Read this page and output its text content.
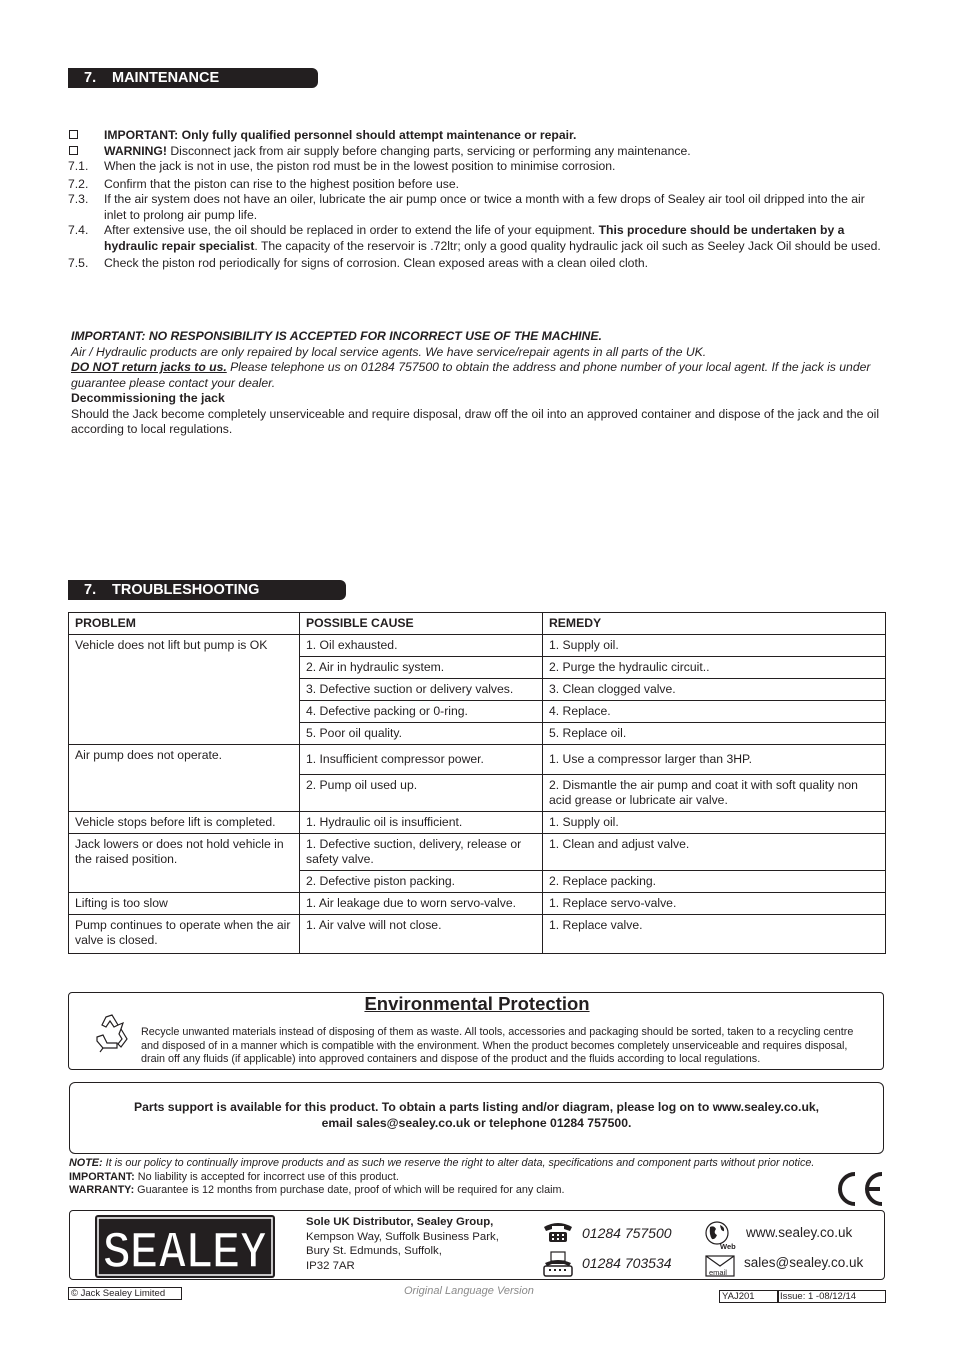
7. MAINTENANCE
IMPORTANT: Only fully qualified personnel should attempt maintenance or repair.
WARNING! Disconnect jack from air supply before changing parts, servicing or performing any maintenance.
7.1.	When the jack is not in use, the piston rod must be in the lowest position to minimise corrosion.
7.2.	Confirm that the piston can rise to the highest position before use.
7.3.	If the air system does not have an oiler, lubricate the air pump once or twice a month with a few drops of Sealey air tool oil dripped into the air inlet to prolong air pump life.
7.4.	After extensive use, the oil should be replaced in order to extend the life of your equipment. This procedure should be undertaken by a hydraulic repair specialist. The capacity of the reservoir is .72ltr; only a good quality hydraulic jack oil such as Seeley Jack Oil should be used.
7.5.	Check the piston rod periodically for signs of corrosion. Clean exposed areas with a clean oiled cloth.
IMPORTANT: NO RESPONSIBILITY IS ACCEPTED FOR INCORRECT USE OF THE MACHINE.
Air / Hydraulic products are only repaired by local service agents. We have service/repair agents in all parts of the UK.
DO NOT return jacks to us. Please telephone us on 01284 757500 to obtain the address and phone number of your local agent. If the jack is under guarantee please contact your dealer.
Decommissioning the jack
Should the Jack become completely unserviceable and require disposal, draw off the oil into an approved container and dispose of the jack and the oil according to local regulations.
7. TROUBLESHOOTING
PROBLEM	POSSIBLE CAUSE	REMEDY
Vehicle does not lift but pump is OK	1. Oil exhausted.	1. Supply oil.
	2. Air in hydraulic system.	2. Purge the hydraulic circuit..
	3. Defective suction or delivery valves.	3. Clean clogged valve.
	4. Defective packing or 0-ring.	4. Replace.
	5. Poor oil quality.	5. Replace oil.
Air pump does not operate.	1. Insufficient compressor power.	1. Use a compressor larger than 3HP.
	2. Pump oil used up.	2. Dismantle the air pump and coat it with soft quality non acid grease or lubricate air valve.
Vehicle stops before lift is completed.	1. Hydraulic oil is insufficient.	1. Supply oil.
Jack lowers or does not hold vehicle in the raised position.	1. Defective suction, delivery, release or safety valve.	1. Clean and adjust valve.
	2. Defective piston packing.	2. Replace packing.
Lifting is too slow	1. Air leakage due to worn servo-valve.	1. Replace servo-valve.
Pump continues to operate when the air valve is closed.	1. Air valve will not close.	1. Replace valve.
Environmental Protection
Recycle unwanted materials instead of disposing of them as waste. All tools, accessories and packaging should be sorted, taken to a recycling centre and disposed of in a manner which is compatible with the environment. When the product becomes completely unserviceable and requires disposal, drain off any fluids (if applicable) into approved containers and dispose of the product and the fluids according to local regulations.
Parts support is available for this product. To obtain a parts listing and/or diagram, please log on to www.sealey.co.uk,
email sales@sealey.co.uk or telephone 01284 757500.
NOTE: It is our policy to continually improve products and as such we reserve the right to alter data, specifications and component parts without prior notice.
IMPORTANT: No liability is accepted for incorrect use of this product.
WARRANTY: Guarantee is 12 months from purchase date, proof of which will be required for any claim.
SEALEY	Sole UK Distributor, Sealey Group,
Kempson Way, Suffolk Business Park,
Bury St. Edmunds, Suffolk,
IP32 7AR
01284 757500
01284 703534
Web
www.sealey.co.uk
email
sales@sealey.co.uk
© Jack Sealey Limited	Original Language Version	YAJ201	Issue: 1 -08/12/14
